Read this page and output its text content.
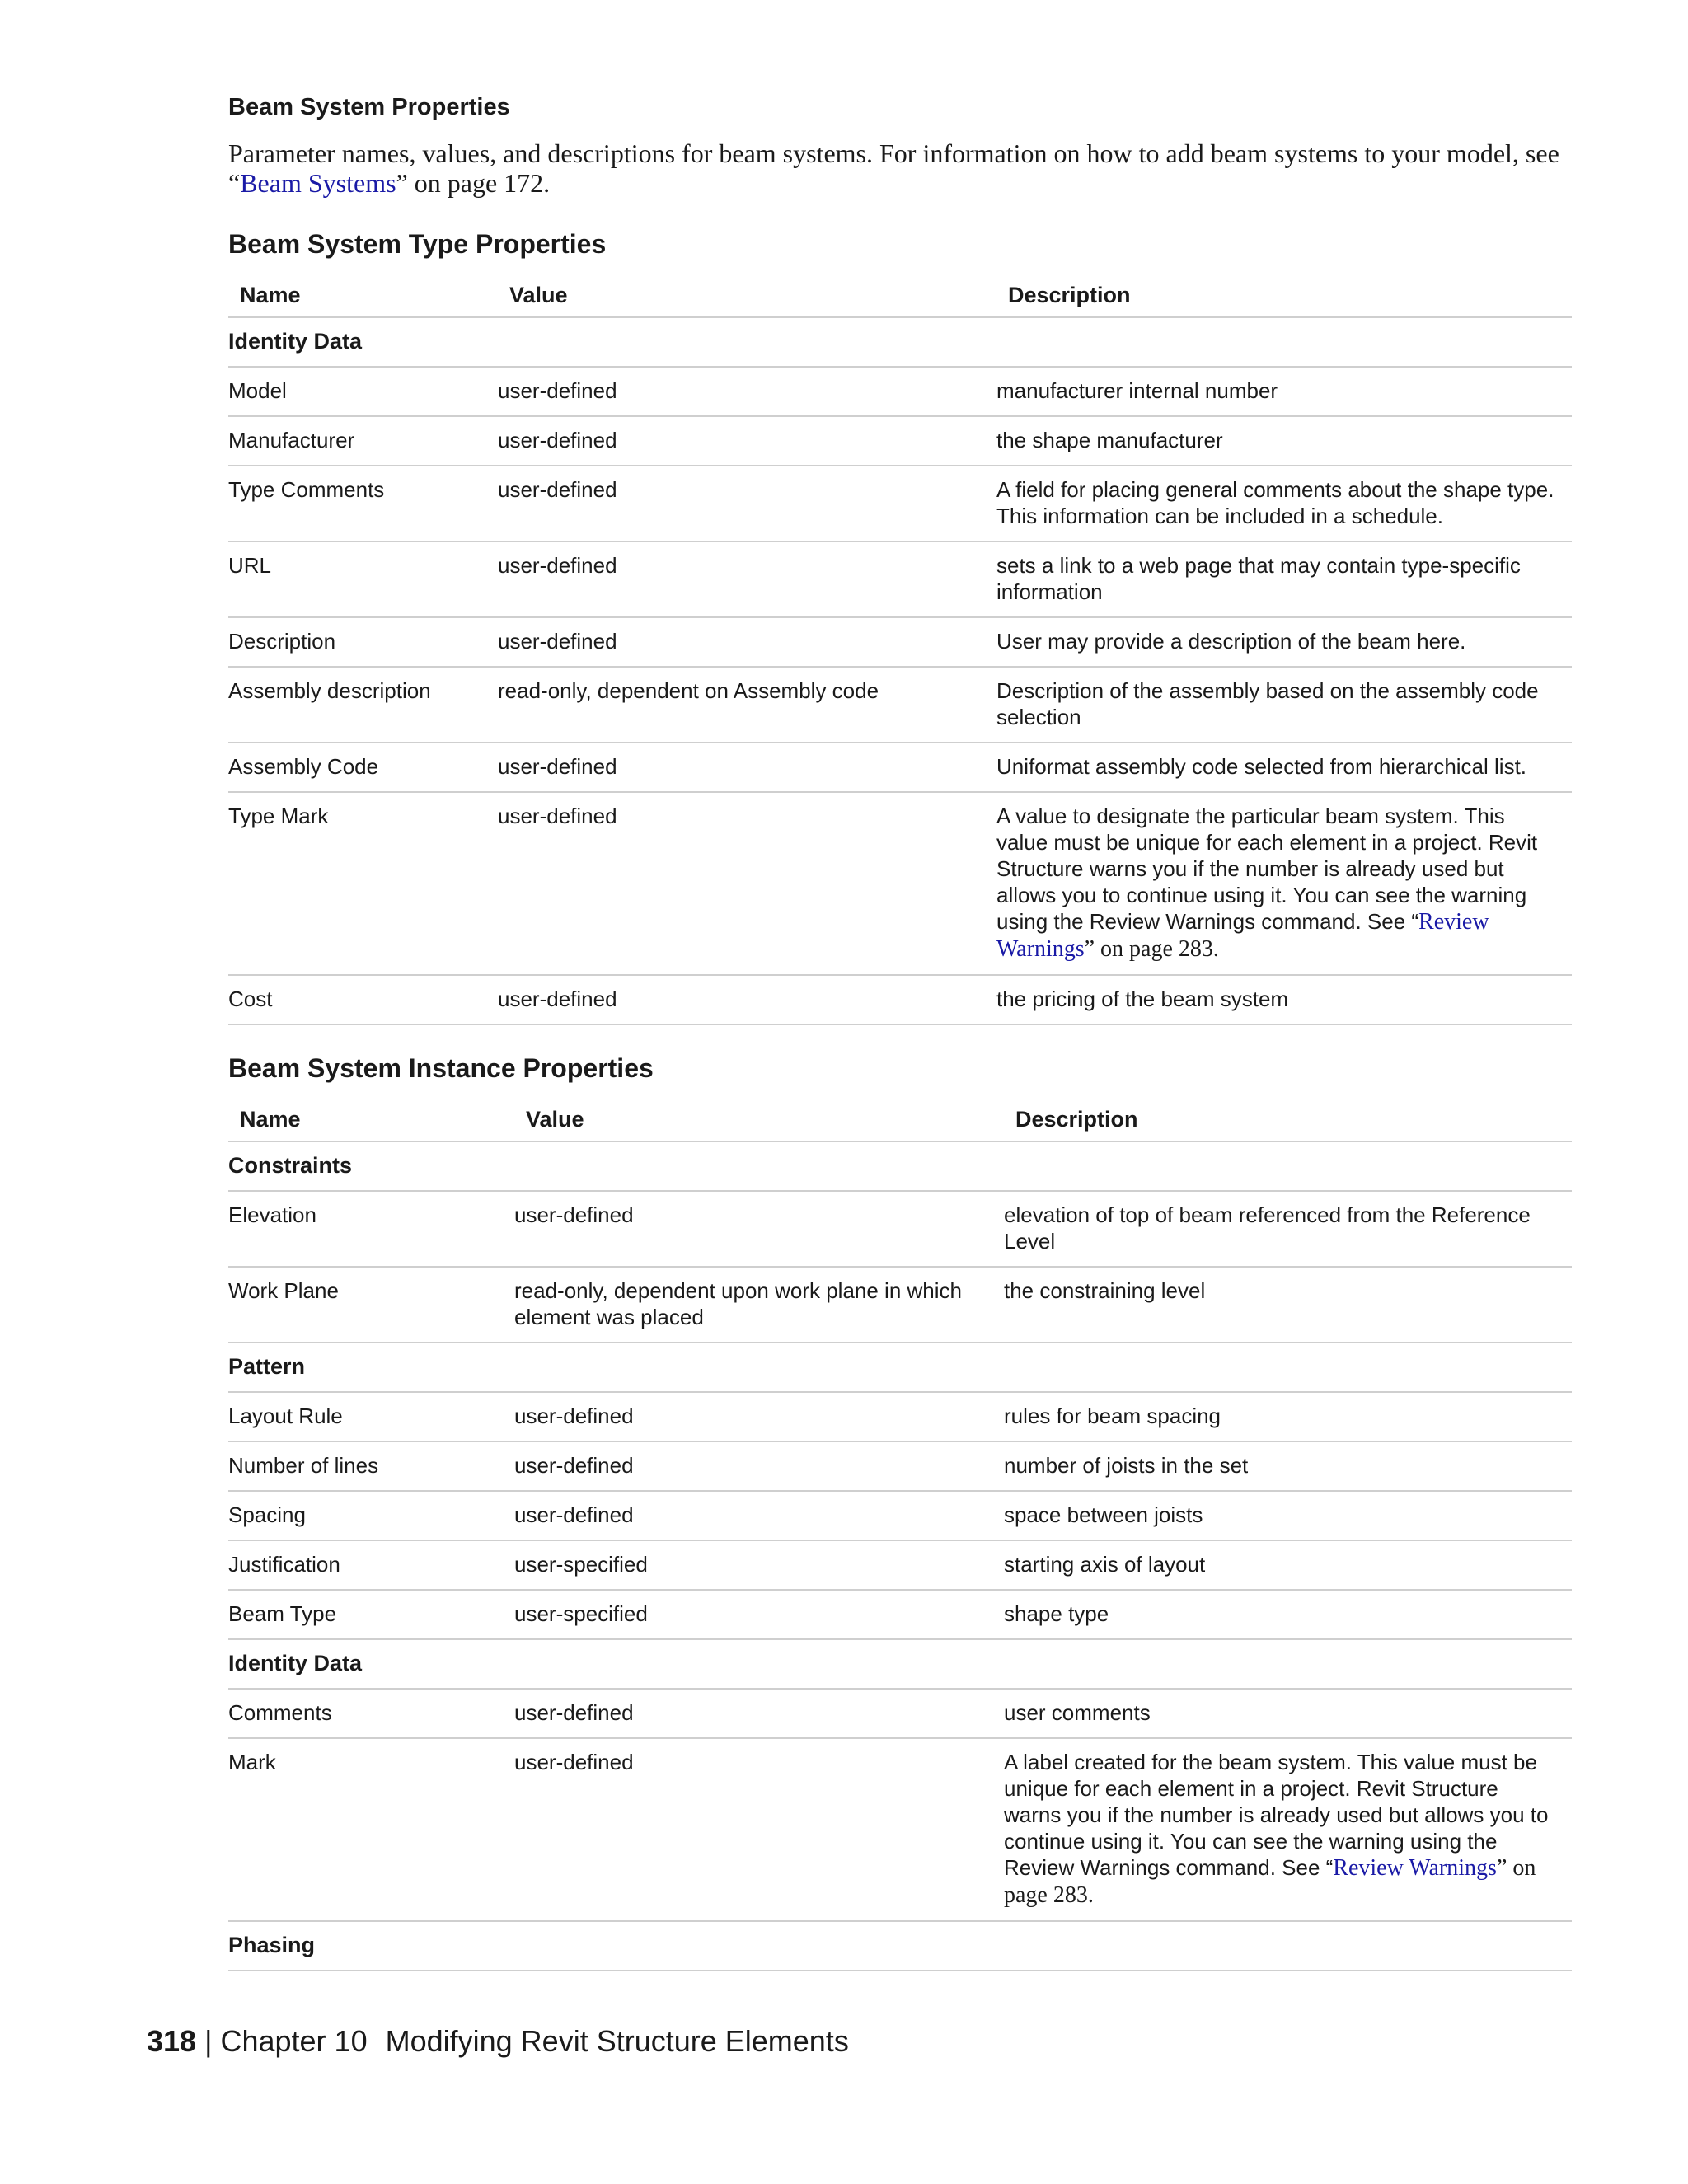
Beam System Properties

Parameter names, values, and descriptions for beam systems. For information on how to add beam systems to your model, see “Beam Systems” on page 172.

Beam System Type Properties

Name	Value	Description
Identity Data		
Model	user-defined	manufacturer internal number
Manufacturer	user-defined	the shape manufacturer
Type Comments	user-defined	A field for placing general comments about the shape type. This information can be included in a schedule.
URL	user-defined	sets a link to a web page that may contain type-specific information
Description	user-defined	User may provide a description of the beam here.
Assembly description	read-only, dependent on Assembly code	Description of the assembly based on the assembly code selection
Assembly Code	user-defined	Uniformat assembly code selected from hierarchical list.
Type Mark	user-defined	A value to designate the particular beam system. This value must be unique for each element in a project. Revit Structure warns you if the number is already used but allows you to continue using it. You can see the warning using the Review Warnings command. See “Review Warnings” on page 283.
Cost	user-defined	the pricing of the beam system

Beam System Instance Properties

Name	Value	Description
Constraints		
Elevation	user-defined	elevation of top of beam referenced from the Reference Level
Work Plane	read-only, dependent upon work plane in which element was placed	the constraining level
Pattern		
Layout Rule	user-defined	rules for beam spacing
Number of lines	user-defined	number of joists in the set
Spacing	user-defined	space between joists
Justification	user-specified	starting axis of layout
Beam Type	user-specified	shape type
Identity Data		
Comments	user-defined	user comments
Mark	user-defined	A label created for the beam system. This value must be unique for each element in a project. Revit Structure warns you if the number is already used but allows you to continue using it. You can see the warning using the Review Warnings command. See “Review Warnings” on page 283.
Phasing		
318 | Chapter 10 Modifying Revit Structure Elements
